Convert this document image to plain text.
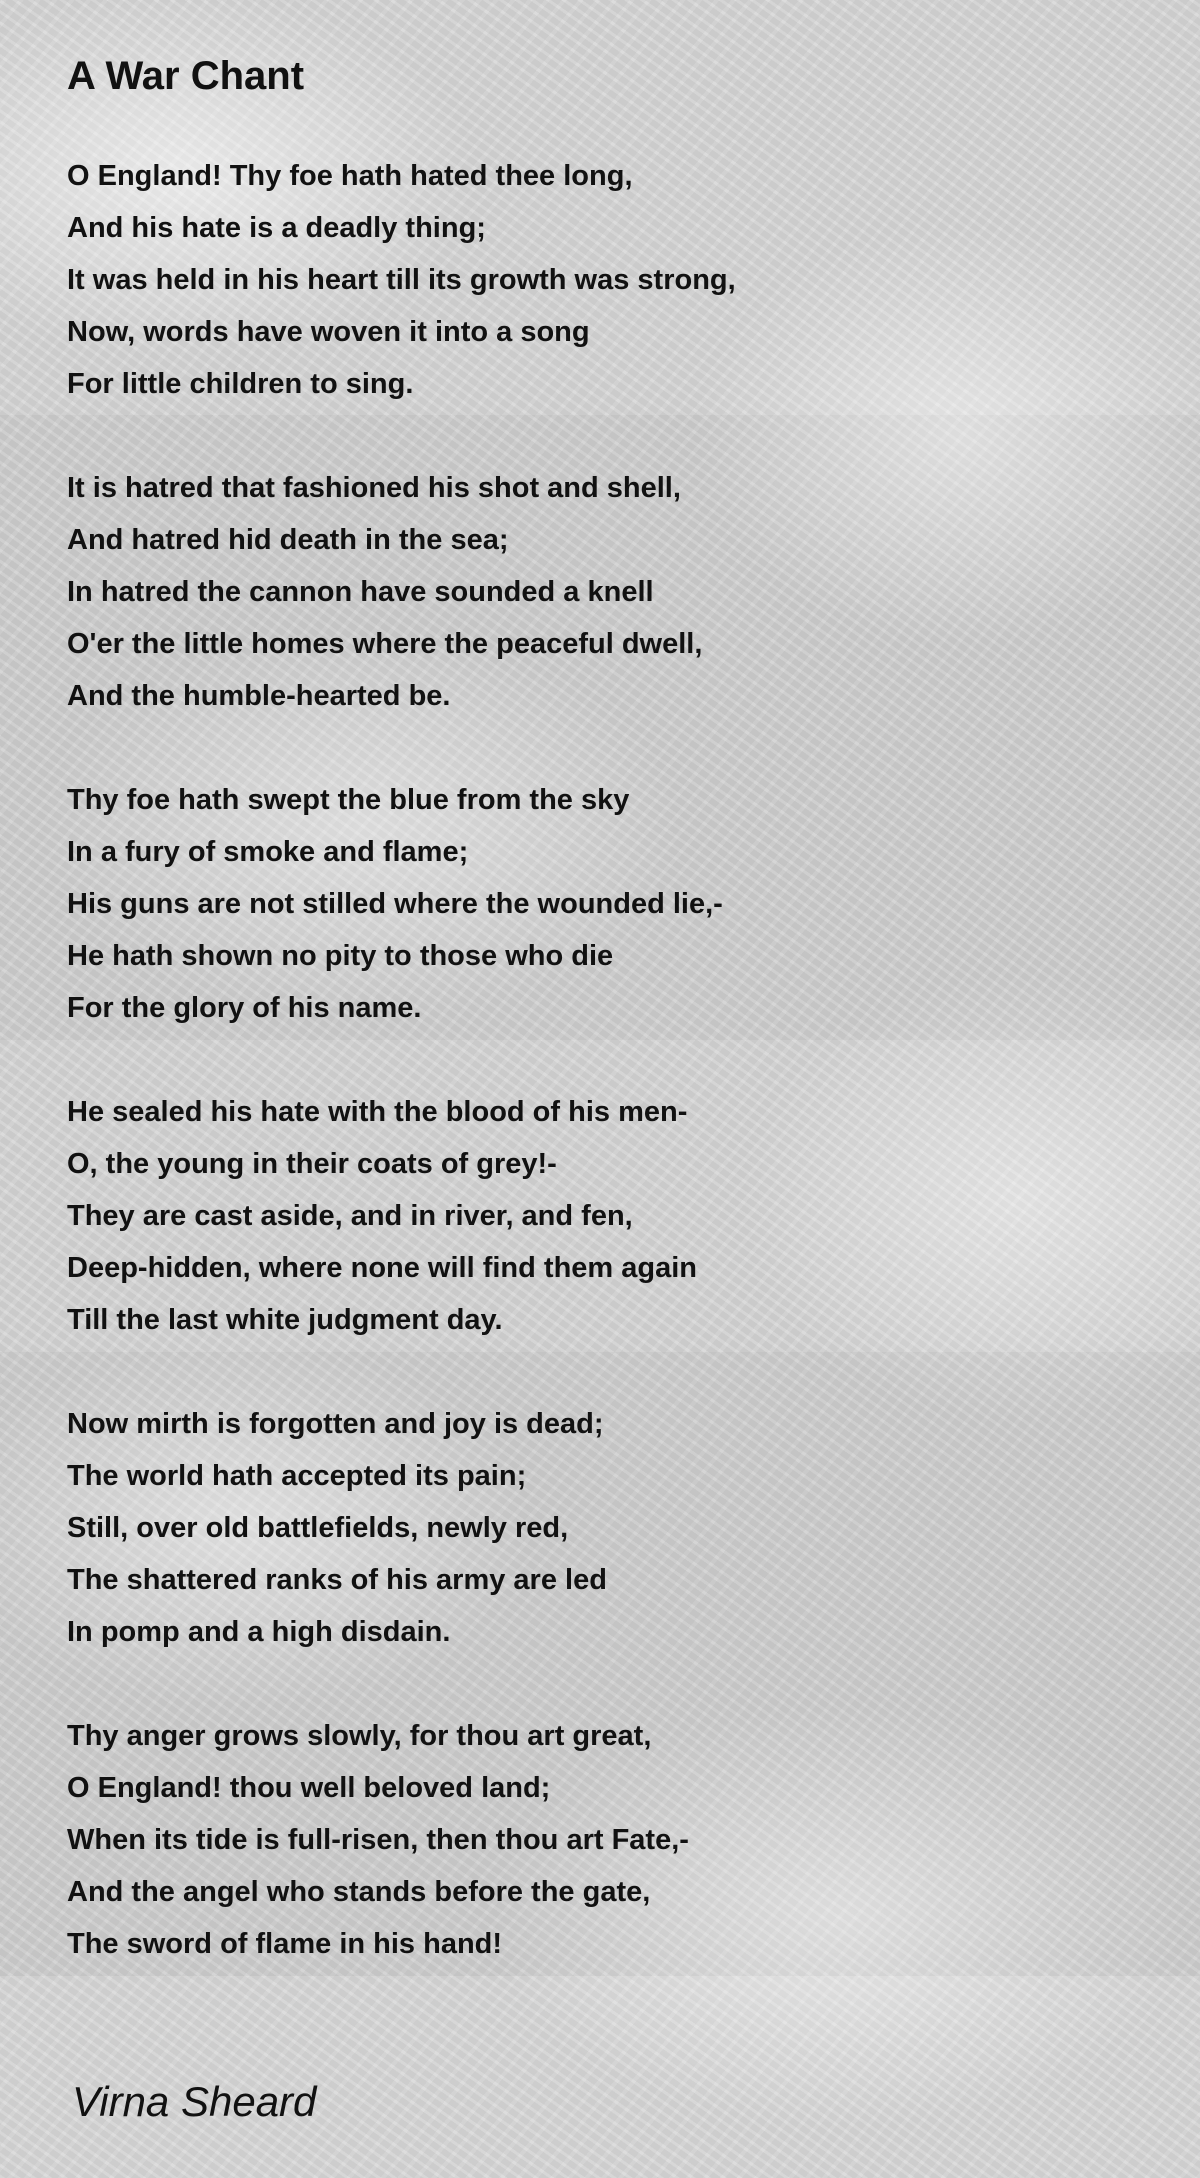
A War Chant
O England! Thy foe hath hated thee long,
And his hate is a deadly thing;
It was held in his heart till its growth was strong,
Now, words have woven it into a song
For little children to sing.
It is hatred that fashioned his shot and shell,
And hatred hid death in the sea;
In hatred the cannon have sounded a knell
O'er the little homes where the peaceful dwell,
And the humble-hearted be.
Thy foe hath swept the blue from the sky
In a fury of smoke and flame;
His guns are not stilled where the wounded lie,-
He hath shown no pity to those who die
For the glory of his name.
He sealed his hate with the blood of his men-
O, the young in their coats of grey!-
They are cast aside, and in river, and fen,
Deep-hidden, where none will find them again
Till the last white judgment day.
Now mirth is forgotten and joy is dead;
The world hath accepted its pain;
Still, over old battlefields, newly red,
The shattered ranks of his army are led
In pomp and a high disdain.
Thy anger grows slowly, for thou art great,
O England! thou well beloved land;
When its tide is full-risen, then thou art Fate,-
And the angel who stands before the gate,
The sword of flame in his hand!
Virna Sheard
